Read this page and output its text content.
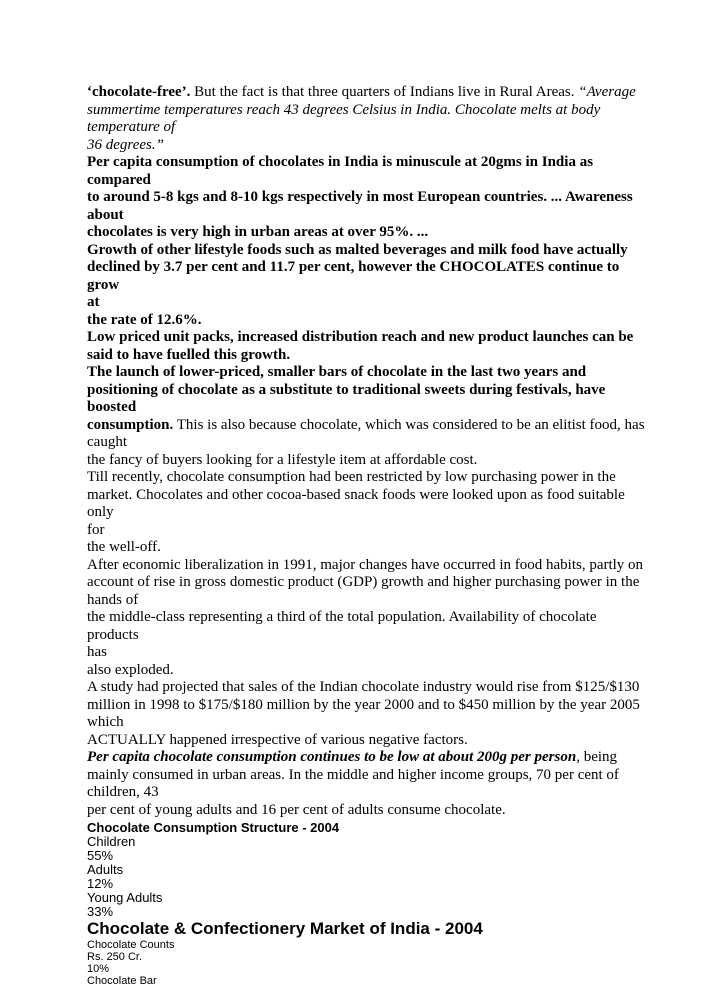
‘chocolate-free’. But the fact is that three quarters of Indians live in Rural Areas. “Average

summertime temperatures reach 43 degrees Celsius in India. Chocolate melts at body

temperature of

36 degrees.”

Per capita consumption of chocolates in India is minuscule at 20gms in India as compared

to around 5-8 kgs and 8-10 kgs respectively in most European countries. ... Awareness

about

chocolates is very high in urban areas at over 95%. ...

Growth of other lifestyle foods such as malted beverages and milk food have actually

declined by 3.7 per cent and 11.7 per cent, however the CHOCOLATES continue to grow

at

the rate of 12.6%.

Low priced unit packs, increased distribution reach and new product launches can be

said to have fuelled this growth.

The launch of lower-priced, smaller bars of chocolate in the last two years and

positioning of chocolate as a substitute to traditional sweets during festivals, have boosted

consumption. This is also because chocolate, which was considered to be an elitist food, has

caught

the fancy of buyers looking for a lifestyle item at affordable cost.

Till recently, chocolate consumption had been restricted by low purchasing power in the

market. Chocolates and other cocoa-based snack foods were looked upon as food suitable only

for

the well-off.

After economic liberalization in 1991, major changes have occurred in food habits, partly on

account of rise in gross domestic product (GDP) growth and higher purchasing power in the

hands of

the middle-class representing a third of the total population. Availability of chocolate products

has

also exploded.

A study had projected that sales of the Indian chocolate industry would rise from $125/$130

million in 1998 to $175/$180 million by the year 2000 and to $450 million by the year 2005

which

ACTUALLY happened irrespective of various negative factors.

Per capita chocolate consumption continues to be low at about 200g per person, being

mainly consumed in urban areas. In the middle and higher income groups, 70 per cent of

children, 43

per cent of young adults and 16 per cent of adults consume chocolate.

Chocolate Consumption Structure - 2004

Children

55%

Adults

12%

Young Adults

33%

Chocolate & Confectionery Market of India - 2004

Chocolate Counts

Rs. 250 Cr.

10%

Chocolate Bar
